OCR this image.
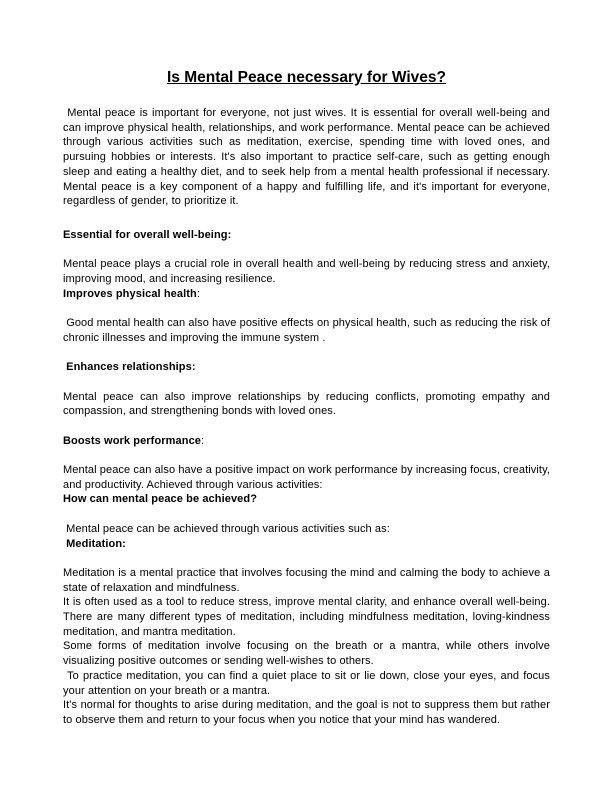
Is Mental Peace necessary for Wives?

Mental peace is important for everyone, not just wives. It is essential for overall well-being and can improve physical health, relationships, and work performance. Mental peace can be achieved through various activities such as meditation, exercise, spending time with loved ones, and pursuing hobbies or interests. It's also important to practice self-care, such as getting enough sleep and eating a healthy diet, and to seek help from a mental health professional if necessary. Mental peace is a key component of a happy and fulfilling life, and it's important for everyone, regardless of gender, to prioritize it.

Essential for overall well-being:

Mental peace plays a crucial role in overall health and well-being by reducing stress and anxiety, improving mood, and increasing resilience.

Improves physical health:

Good mental health can also have positive effects on physical health, such as reducing the risk of chronic illnesses and improving the immune system .

Enhances relationships:

Mental peace can also improve relationships by reducing conflicts, promoting empathy and compassion, and strengthening bonds with loved ones.

Boosts work performance:

Mental peace can also have a positive impact on work performance by increasing focus, creativity, and productivity. Achieved through various activities:

How can mental peace be achieved?

Mental peace can be achieved through various activities such as:

Meditation:

Meditation is a mental practice that involves focusing the mind and calming the body to achieve a state of relaxation and mindfulness.

It is often used as a tool to reduce stress, improve mental clarity, and enhance overall well-being. There are many different types of meditation, including mindfulness meditation, loving-kindness meditation, and mantra meditation.

Some forms of meditation involve focusing on the breath or a mantra, while others involve visualizing positive outcomes or sending well-wishes to others.

To practice meditation, you can find a quiet place to sit or lie down, close your eyes, and focus your attention on your breath or a mantra.

It's normal for thoughts to arise during meditation, and the goal is not to suppress them but rather to observe them and return to your focus when you notice that your mind has wandered.
